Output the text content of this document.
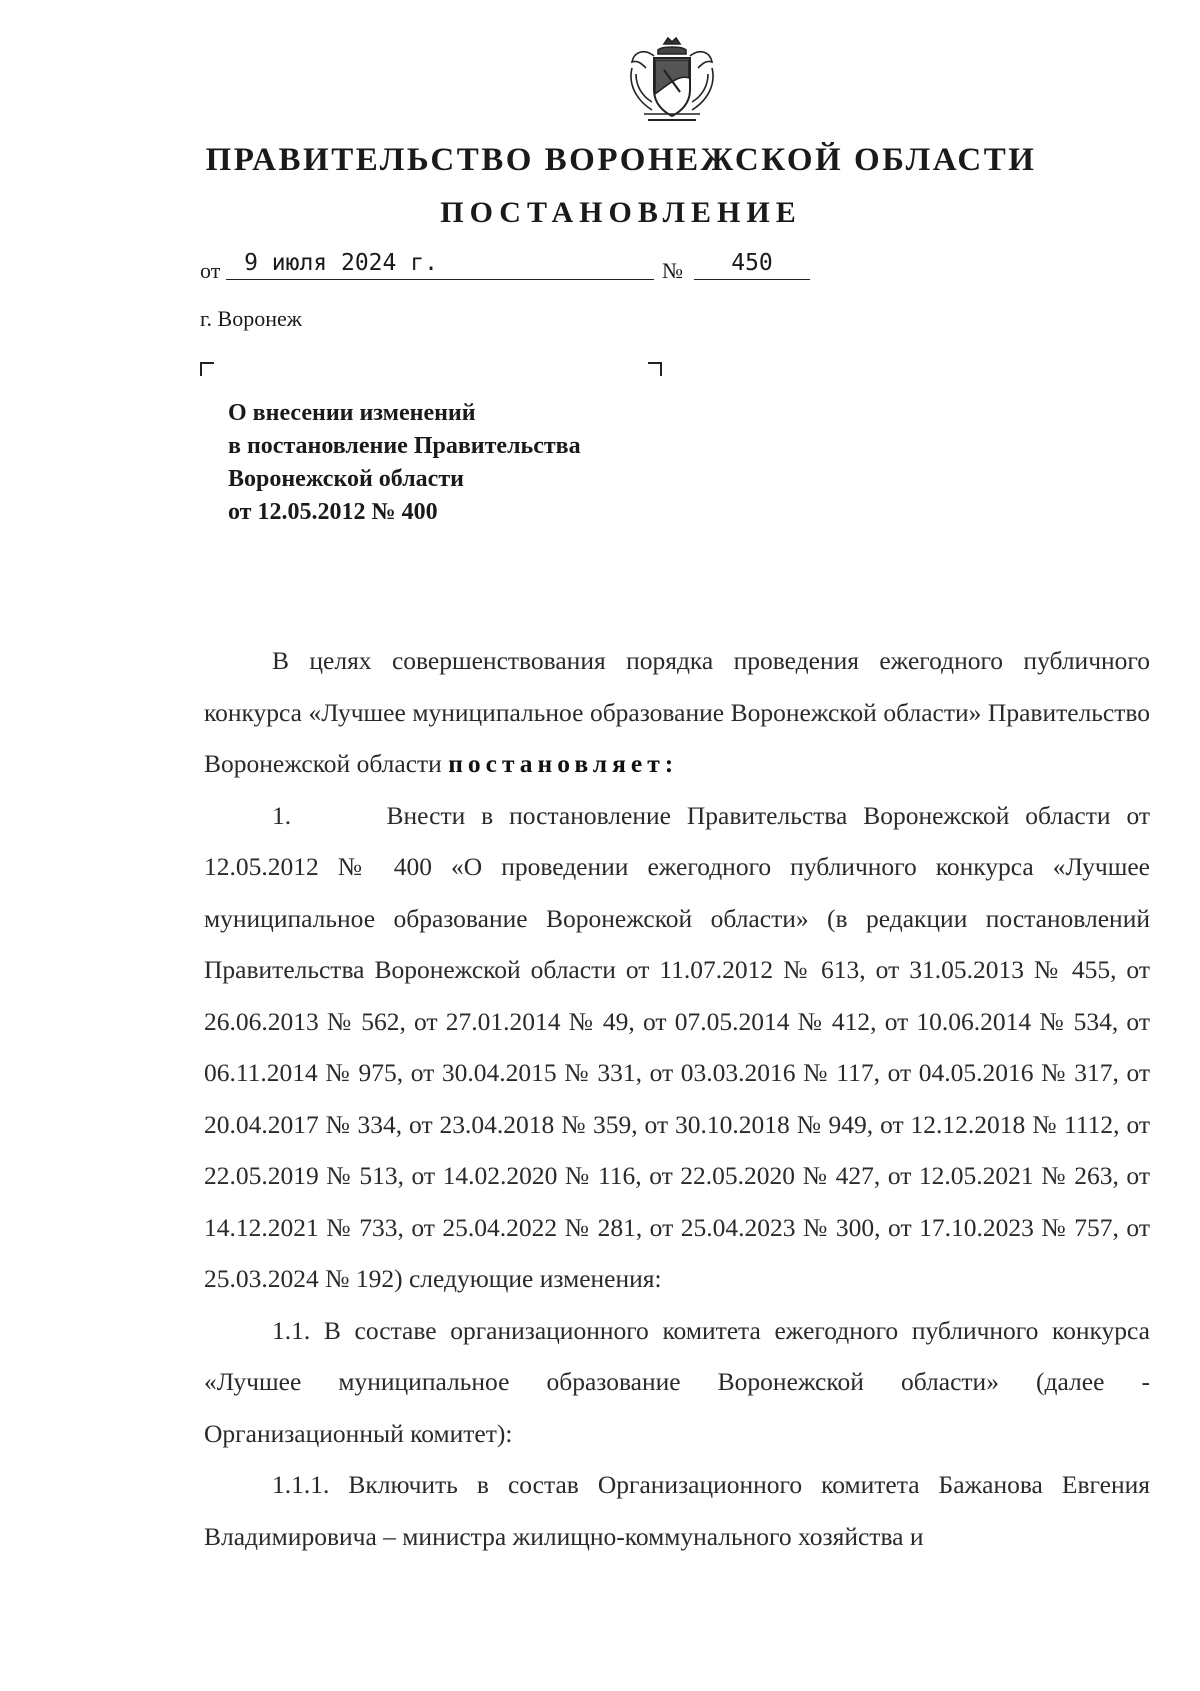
ПРАВИТЕЛЬСТВО ВОРОНЕЖСКОЙ ОБЛАСТИ
ПОСТАНОВЛЕНИЕ
от	9 июля 2024 г.	№	450
г. Воронеж
О внесении изменений
в постановление Правительства
Воронежской области
от 12.05.2012 № 400

В целях совершенствования порядка проведения ежегодного публичного конкурса «Лучшее муниципальное образование Воронежской области» Правительство Воронежской области постановляет:

1.      Внести в постановление Правительства Воронежской области от 12.05.2012 № 400 «О проведении ежегодного публичного конкурса «Лучшее муниципальное образование Воронежской области» (в редакции постановлений Правительства Воронежской области от 11.07.2012 № 613, от 31.05.2013 № 455, от 26.06.2013 № 562, от 27.01.2014 № 49, от 07.05.2014 № 412, от 10.06.2014 № 534, от 06.11.2014 № 975, от 30.04.2015 № 331, от 03.03.2016 № 117, от 04.05.2016 № 317, от 20.04.2017 № 334, от 23.04.2018 № 359, от 30.10.2018 № 949, от 12.12.2018 № 1112, от 22.05.2019 № 513, от 14.02.2020 № 116, от 22.05.2020 № 427, от 12.05.2021 № 263, от 14.12.2021 № 733, от 25.04.2022 № 281, от 25.04.2023 № 300, от 17.10.2023 № 757, от 25.03.2024 № 192) следующие изменения:

1.1. В составе организационного комитета ежегодного публичного конкурса «Лучшее муниципальное образование Воронежской области» (далее - Организационный комитет):

1.1.1. Включить в состав Организационного комитета Бажанова Евгения Владимировича – министра жилищно-коммунального хозяйства и
